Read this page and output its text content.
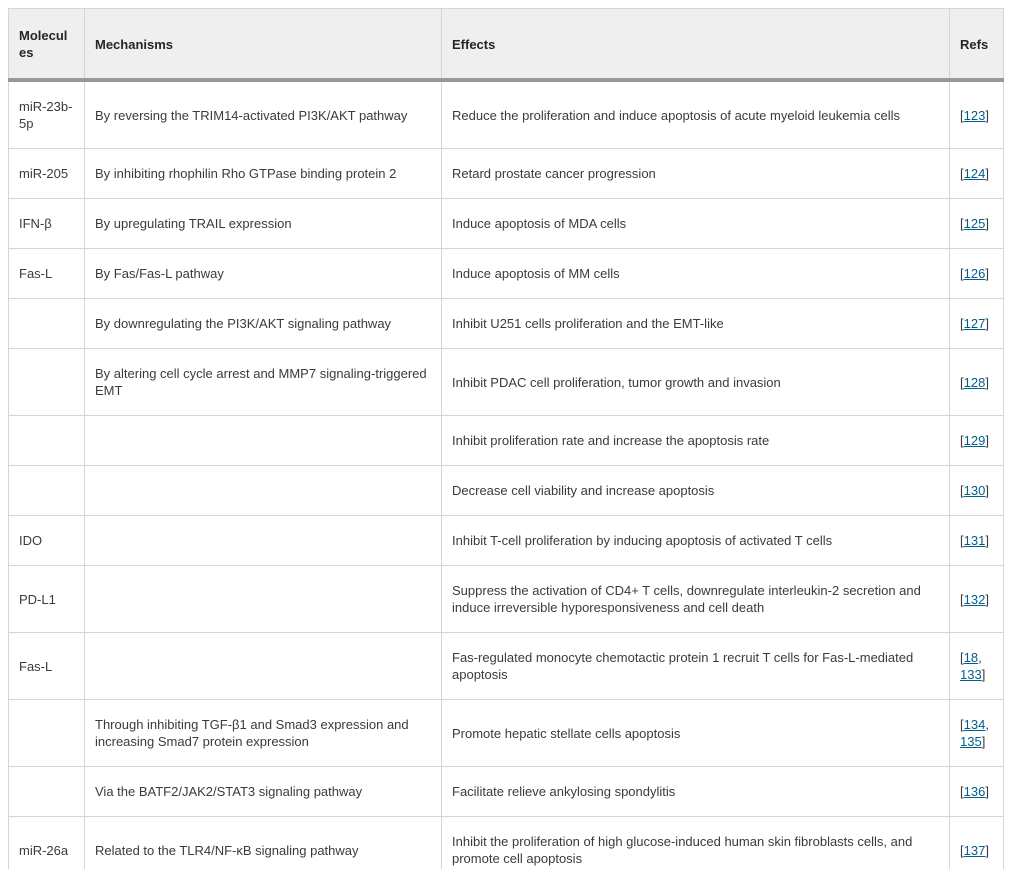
Molecules	Mechanisms	Effects	Refs
miR-23b-5p	By reversing the TRIM14-activated PI3K/AKT pathway	Reduce the proliferation and induce apoptosis of acute myeloid leukemia cells	[123]
miR-205	By inhibiting rhophilin Rho GTPase binding protein 2	Retard prostate cancer progression	[124]
IFN-β	By upregulating TRAIL expression	Induce apoptosis of MDA cells	[125]
Fas-L	By Fas/Fas-L pathway	Induce apoptosis of MM cells	[126]
	By downregulating the PI3K/AKT signaling pathway	Inhibit U251 cells proliferation and the EMT-like	[127]
	By altering cell cycle arrest and MMP7 signaling-triggered EMT	Inhibit PDAC cell proliferation, tumor growth and invasion	[128]
		Inhibit proliferation rate and increase the apoptosis rate	[129]
		Decrease cell viability and increase apoptosis	[130]
IDO		Inhibit T-cell proliferation by inducing apoptosis of activated T cells	[131]
PD-L1		Suppress the activation of CD4+ T cells, downregulate interleukin-2 secretion and induce irreversible hyporesponsiveness and cell death	[132]
Fas-L		Fas-regulated monocyte chemotactic protein 1 recruit T cells for Fas-L-mediated apoptosis	[18, 133]
	Through inhibiting TGF-β1 and Smad3 expression and increasing Smad7 protein expression	Promote hepatic stellate cells apoptosis	[134, 135]
	Via the BATF2/JAK2/STAT3 signaling pathway	Facilitate relieve ankylosing spondylitis	[136]
miR-26a	Related to the TLR4/NF-κB signaling pathway	Inhibit the proliferation of high glucose-induced human skin fibroblasts cells, and promote cell apoptosis	[137]
